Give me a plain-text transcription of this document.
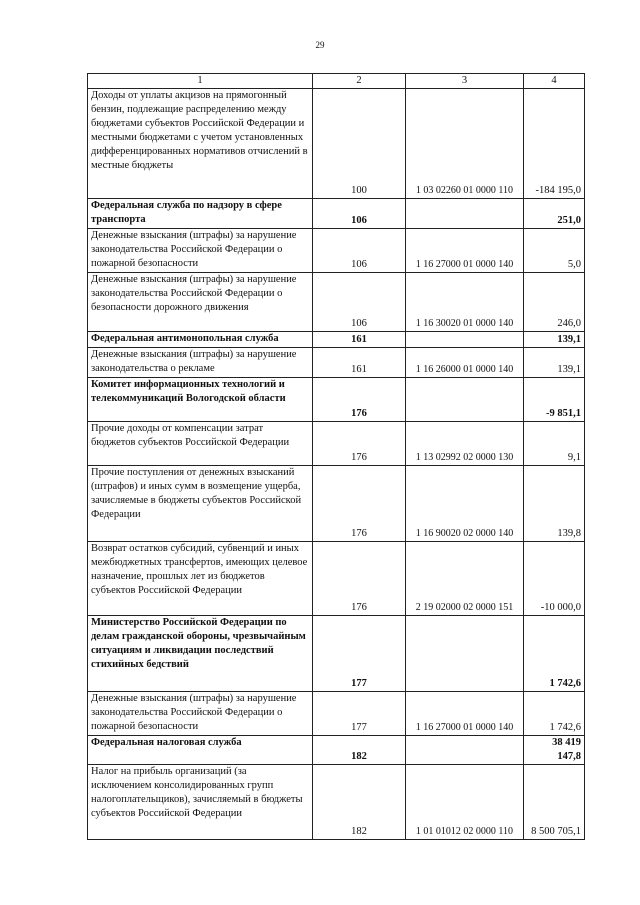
29
1	2	3	4
Доходы от уплаты акцизов на прямогонный бензин, подлежащие распределению между бюджетами субъектов Российской Федерации и местными бюджетами с учетом установленных дифференцированных нормативов отчислений в местные бюджеты	100	1 03 02260 01 0000 110	-184 195,0
Федеральная служба по надзору в сфере транспорта	106		251,0
Денежные взыскания (штрафы) за нарушение законодательства Российской Федерации о пожарной безопасности	106	1 16 27000 01 0000 140	5,0
Денежные взыскания (штрафы) за нарушение законодательства Российской Федерации о безопасности дорожного движения	106	1 16 30020 01 0000 140	246,0
Федеральная антимонопольная служба	161		139,1
Денежные взыскания (штрафы) за нарушение законодательства о рекламе	161	1 16 26000 01 0000 140	139,1
Комитет информационных технологий и телекоммуникаций Вологодской области	176		-9 851,1
Прочие доходы от компенсации затрат бюджетов субъектов Российской Федерации	176	1 13 02992 02 0000 130	9,1
Прочие поступления от денежных взысканий (штрафов) и иных сумм в возмещение ущерба, зачисляемые в бюджеты субъектов Российской Федерации	176	1 16 90020 02 0000 140	139,8
Возврат остатков субсидий, субвенций и иных межбюджетных трансфертов, имеющих целевое назначение, прошлых лет из бюджетов субъектов Российской Федерации	176	2 19 02000 02 0000 151	-10 000,0
Министерство Российской Федерации по делам гражданской обороны, чрезвычайным ситуациям и ликвидации последствий стихийных бедствий	177		1 742,6
Денежные взыскания (штрафы) за нарушение законодательства Российской Федерации о пожарной безопасности	177	1 16 27000 01 0000 140	1 742,6
Федеральная налоговая служба	182		38 419 147,8
Налог на прибыль организаций (за исключением консолидированных групп налогоплательщиков), зачисляемый в бюджеты субъектов Российской Федерации	182	1 01 01012 02 0000 110	8 500 705,1
